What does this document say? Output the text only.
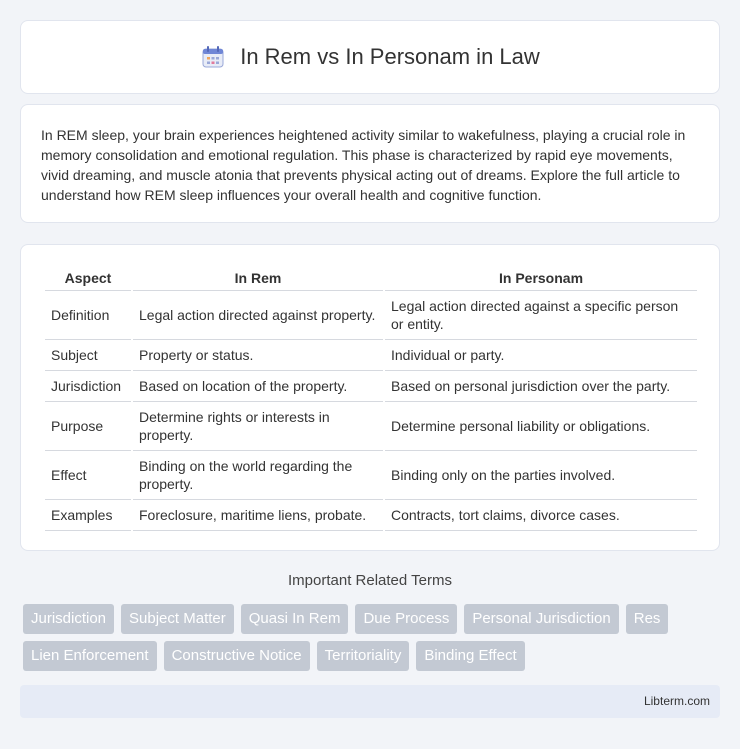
In Rem vs In Personam in Law

In REM sleep, your brain experiences heightened activity similar to wakefulness, playing a crucial role in memory consolidation and emotional regulation. This phase is characterized by rapid eye movements, vivid dreaming, and muscle atonia that prevents physical acting out of dreams. Explore the full article to understand how REM sleep influences your overall health and cognitive function.

Aspect	In Rem	In Personam
Definition	Legal action directed against property.	Legal action directed against a specific person or entity.
Subject	Property or status.	Individual or party.
Jurisdiction	Based on location of the property.	Based on personal jurisdiction over the party.
Purpose	Determine rights or interests in property.	Determine personal liability or obligations.
Effect	Binding on the world regarding the property.	Binding only on the parties involved.
Examples	Foreclosure, maritime liens, probate.	Contracts, tort claims, divorce cases.
Important Related Terms
Jurisdiction	Subject Matter	Quasi In Rem	Due Process	Personal Jurisdiction	Res
Lien Enforcement	Constructive Notice	Territoriality	Binding Effect
Libterm.com
